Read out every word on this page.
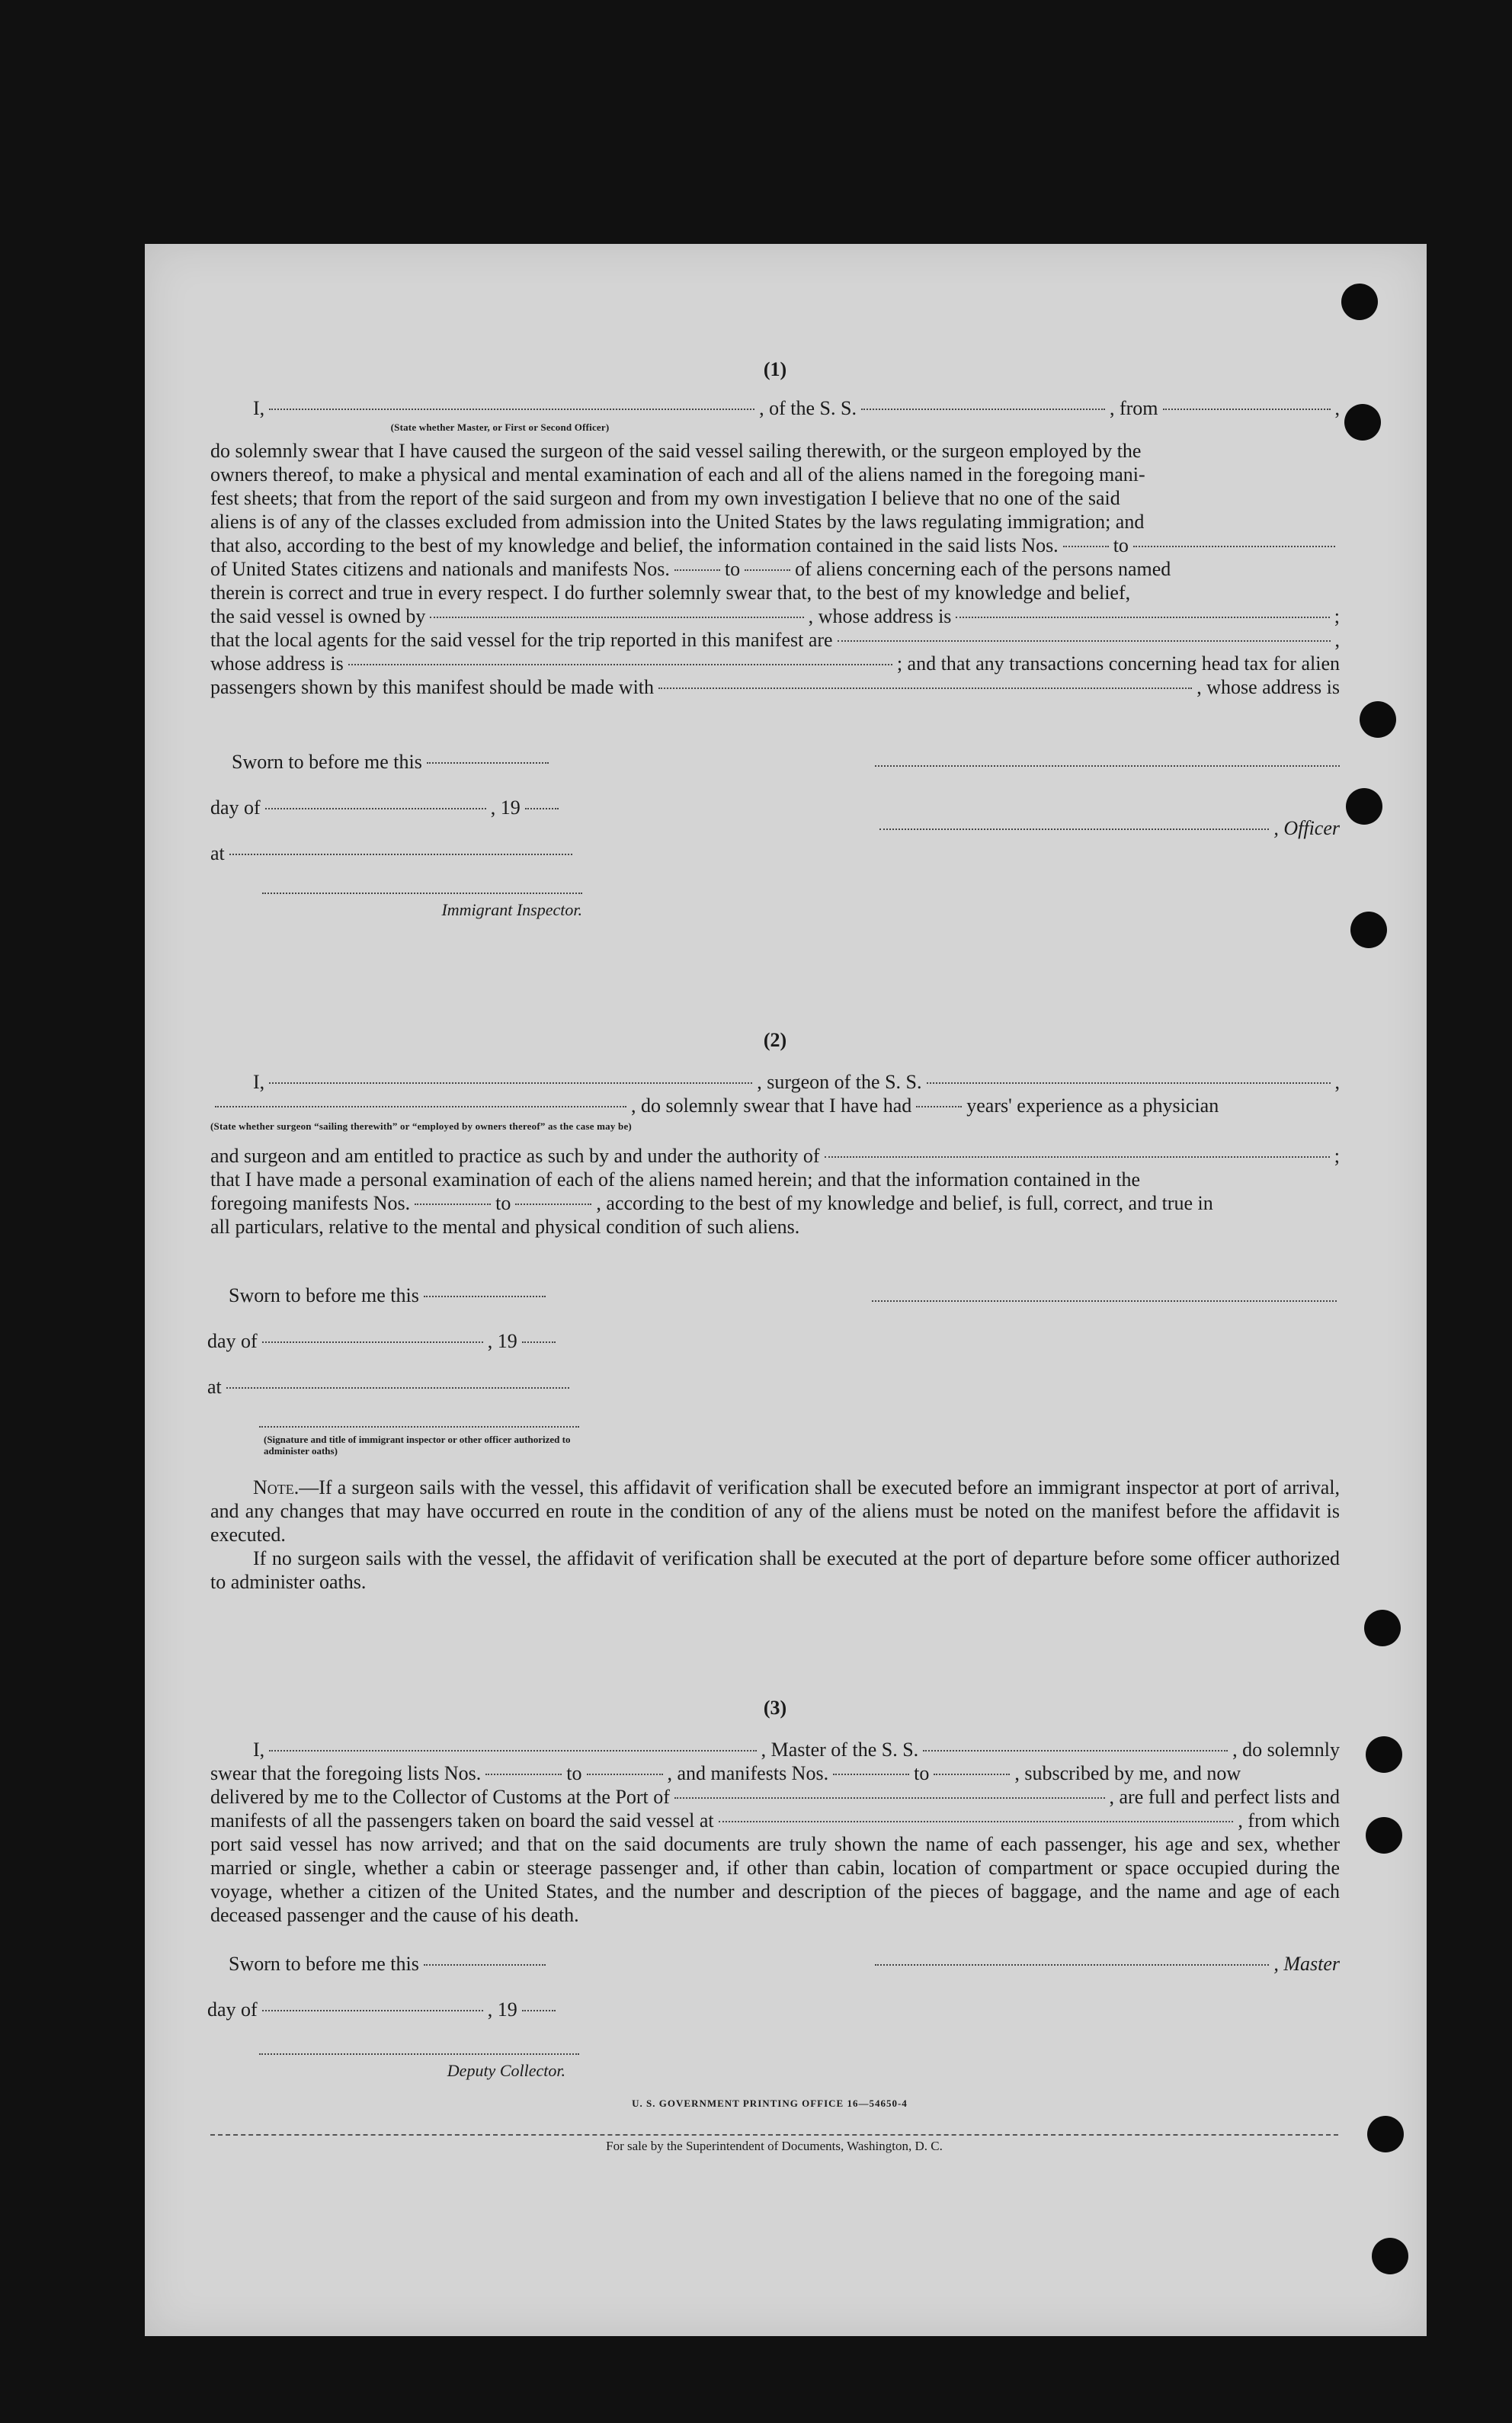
(1)
I,	, of the S. S.	, from	,
(State whether Master, or First or Second Officer)
do solemnly swear that I have caused the surgeon of the said vessel sailing therewith, or the surgeon employed by the
owners thereof, to make a physical and mental examination of each and all of the aliens named in the foregoing mani-
fest sheets; that from the report of the said surgeon and from my own investigation I believe that no one of the said
aliens is of any of the classes excluded from admission into the United States by the laws regulating immigration; and
that also, according to the best of my knowledge and belief, the information contained in the said lists Nos.	to
of United States citizens and nationals and manifests Nos.	to	of aliens concerning each of the persons named
therein is correct and true in every respect. I do further solemnly swear that, to the best of my knowledge and belief,
the said vessel is owned by	, whose address is	;
that the local agents for the said vessel for the trip reported in this manifest are	,
whose address is	; and that any transactions concerning head tax for alien
passengers shown by this manifest should be made with	, whose address is
Sworn to before me this
day of	, 19
at
Immigrant Inspector.
, Officer
(2)
I,	, surgeon of the S. S.	,
, do solemnly swear that I have had	years' experience as a physician
(State whether surgeon “sailing therewith” or “employed by owners thereof” as the case may be)
and surgeon and am entitled to practice as such by and under the authority of	;
that I have made a personal examination of each of the aliens named herein; and that the information contained in the
foregoing manifests Nos.	to	, according to the best of my knowledge and belief, is full, correct, and true in
all particulars, relative to the mental and physical condition of such aliens.
Sworn to before me this
day of	, 19
at
(Signature and title of immigrant inspector or other officer authorized to administer oaths)
Note.—If a surgeon sails with the vessel, this affidavit of verification shall be executed before an immigrant inspector at port of arrival, and any changes that may have occurred en route in the condition of any of the aliens must be noted on the manifest before the affidavit is executed.
If no surgeon sails with the vessel, the affidavit of verification shall be executed at the port of departure before some officer authorized to administer oaths.
(3)
I,	, Master of the S. S.	, do solemnly
swear that the foregoing lists Nos.	to	, and manifests Nos.	to	, subscribed by me, and now
delivered by me to the Collector of Customs at the Port of	, are full and perfect lists and
manifests of all the passengers taken on board the said vessel at	, from which
port said vessel has now arrived; and that on the said documents are truly shown the name of each passenger, his age and sex, whether married or single, whether a cabin or steerage passenger and, if other than cabin, location of compartment or space occupied during the voyage, whether a citizen of the United States, and the number and description of the pieces of baggage, and the name and age of each deceased passenger and the cause of his death.
Sworn to before me this
day of	, 19
Deputy Collector.
, Master
U. S. GOVERNMENT PRINTING OFFICE 16—54650-4
For sale by the Superintendent of Documents, Washington, D. C.
